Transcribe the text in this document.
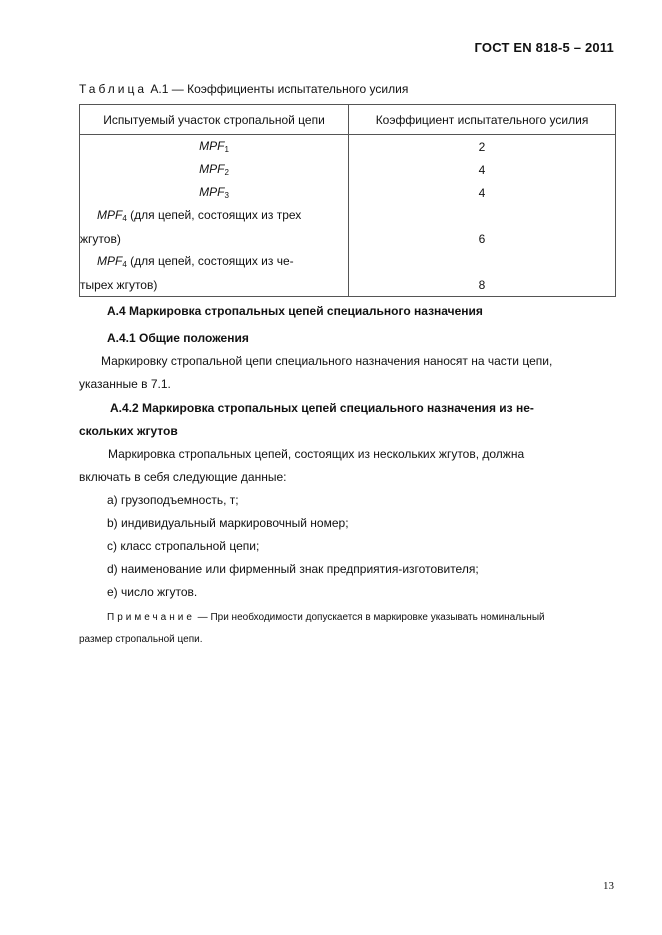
ГОСТ EN 818-5 – 2011
Таблица А.1 — Коэффициенты испытательного усилия
Испытуемый участок стропальной цепи	Коэффициент испытательного усилия
$MPF_1$	2
$MPF_2$	4
$MPF_3$	4
$MPF_4$ (для цепей, состоящих из трех	
жгутов)	6
$MPF_4$ (для цепей, состоящих из че-	
тырех жгутов)	8
А.4 Маркировка стропальных цепей специального назначения
А.4.1 Общие положения
Маркировку стропальной цепи специального назначения наносят на части цепи,
указанные в 7.1.
А.4.2 Маркировка стропальных цепей специального назначения из не-
скольких жгутов
Маркировка стропальных цепей, состоящих из нескольких жгутов, должна
включать в себя следующие данные:
a) грузоподъемность, т;
b) индивидуальный маркировочный номер;
c) класс стропальной цепи;
d) наименование или фирменный знак предприятия-изготовителя;
e) число жгутов.
Примечание — При необходимости допускается в маркировке указывать номинальный
размер стропальной цепи.
13
